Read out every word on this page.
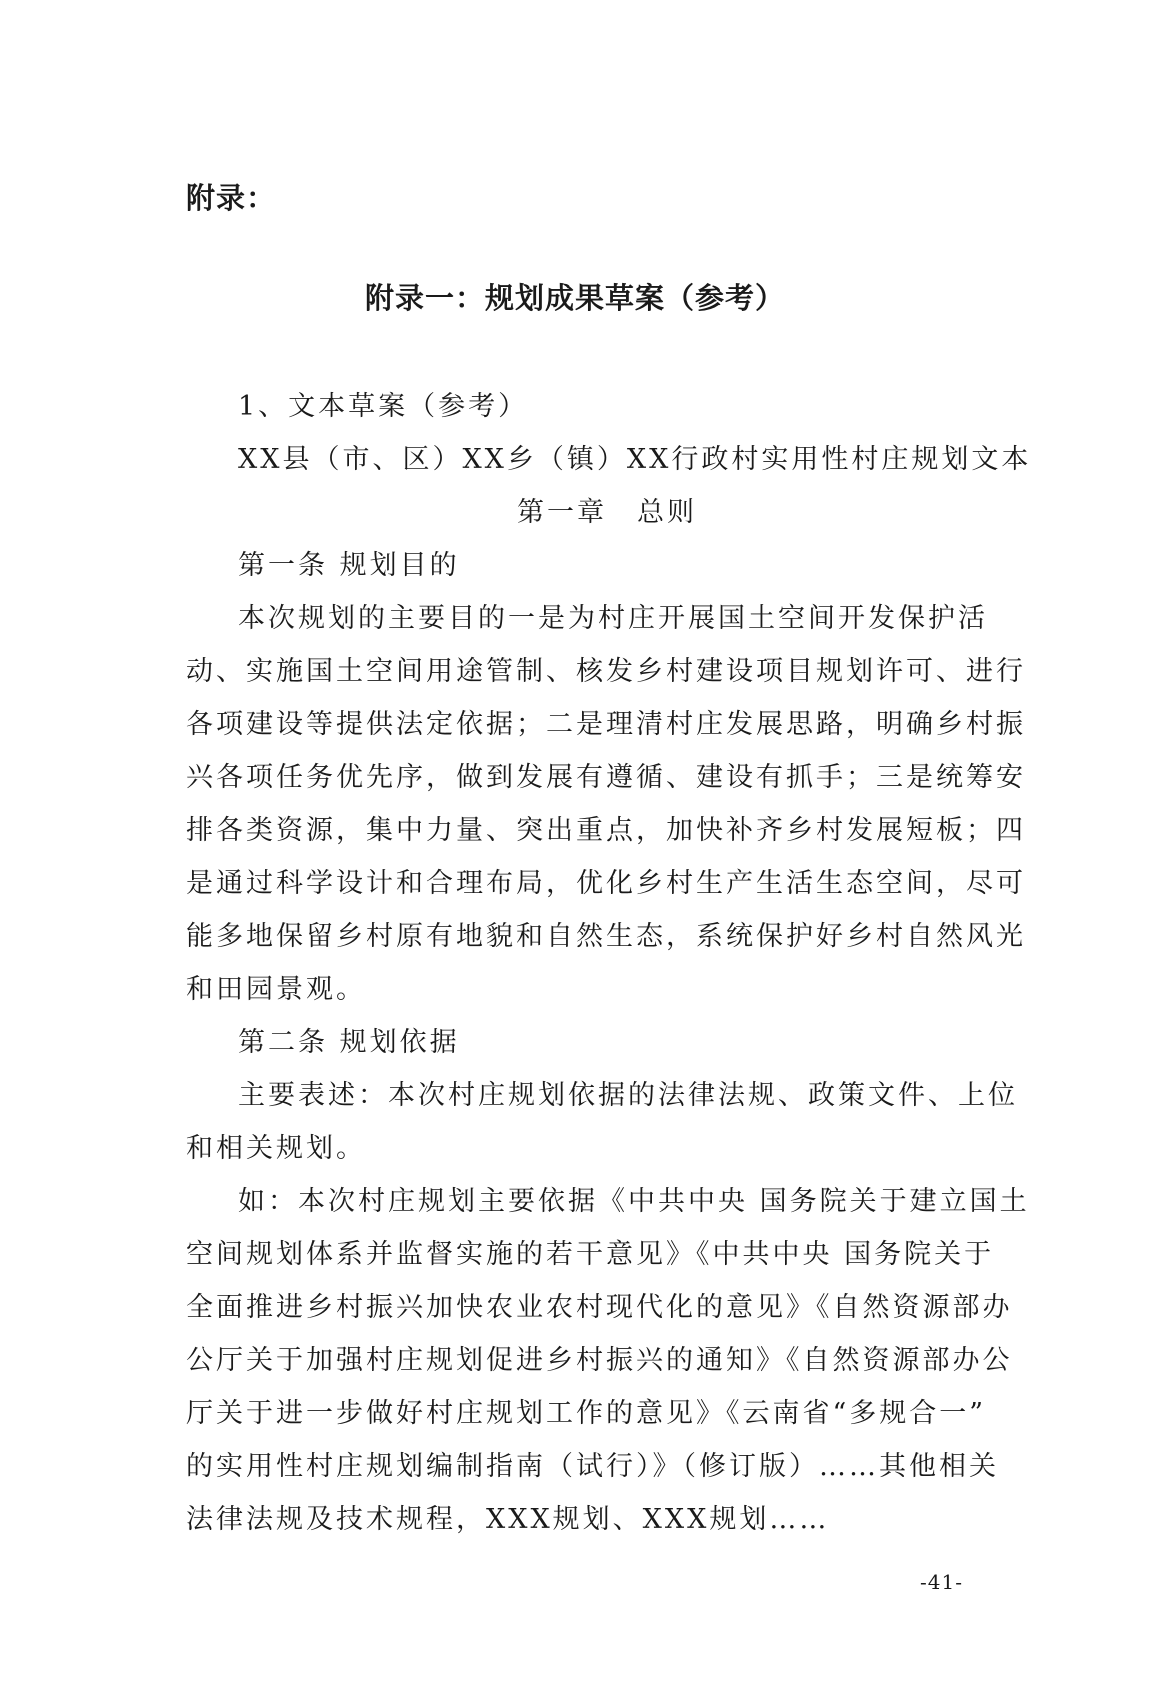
附录：
附录一：规划成果草案（参考）

1、文本草案（参考）

XX县（市、区）XX乡（镇）XX行政村实用性村庄规划文本

第一章　总则

第一条 规划目的

本次规划的主要目的一是为村庄开展国土空间开发保护活

动、实施国土空间用途管制、核发乡村建设项目规划许可、进行

各项建设等提供法定依据；二是理清村庄发展思路，明确乡村振

兴各项任务优先序，做到发展有遵循、建设有抓手；三是统筹安

排各类资源，集中力量、突出重点，加快补齐乡村发展短板；四

是通过科学设计和合理布局，优化乡村生产生活生态空间，尽可

能多地保留乡村原有地貌和自然生态，系统保护好乡村自然风光

和田园景观。

第二条 规划依据

主要表述：本次村庄规划依据的法律法规、政策文件、上位

和相关规划。

如：本次村庄规划主要依据《中共中央 国务院关于建立国土

空间规划体系并监督实施的若干意见》《中共中央 国务院关于

全面推进乡村振兴加快农业农村现代化的意见》《自然资源部办

公厅关于加强村庄规划促进乡村振兴的通知》《自然资源部办公

厅关于进一步做好村庄规划工作的意见》《云南省“多规合一”

的实用性村庄规划编制指南（试行）》（修订版）……其他相关

法律法规及技术规程，XXX规划、XXX规划……

-41-
